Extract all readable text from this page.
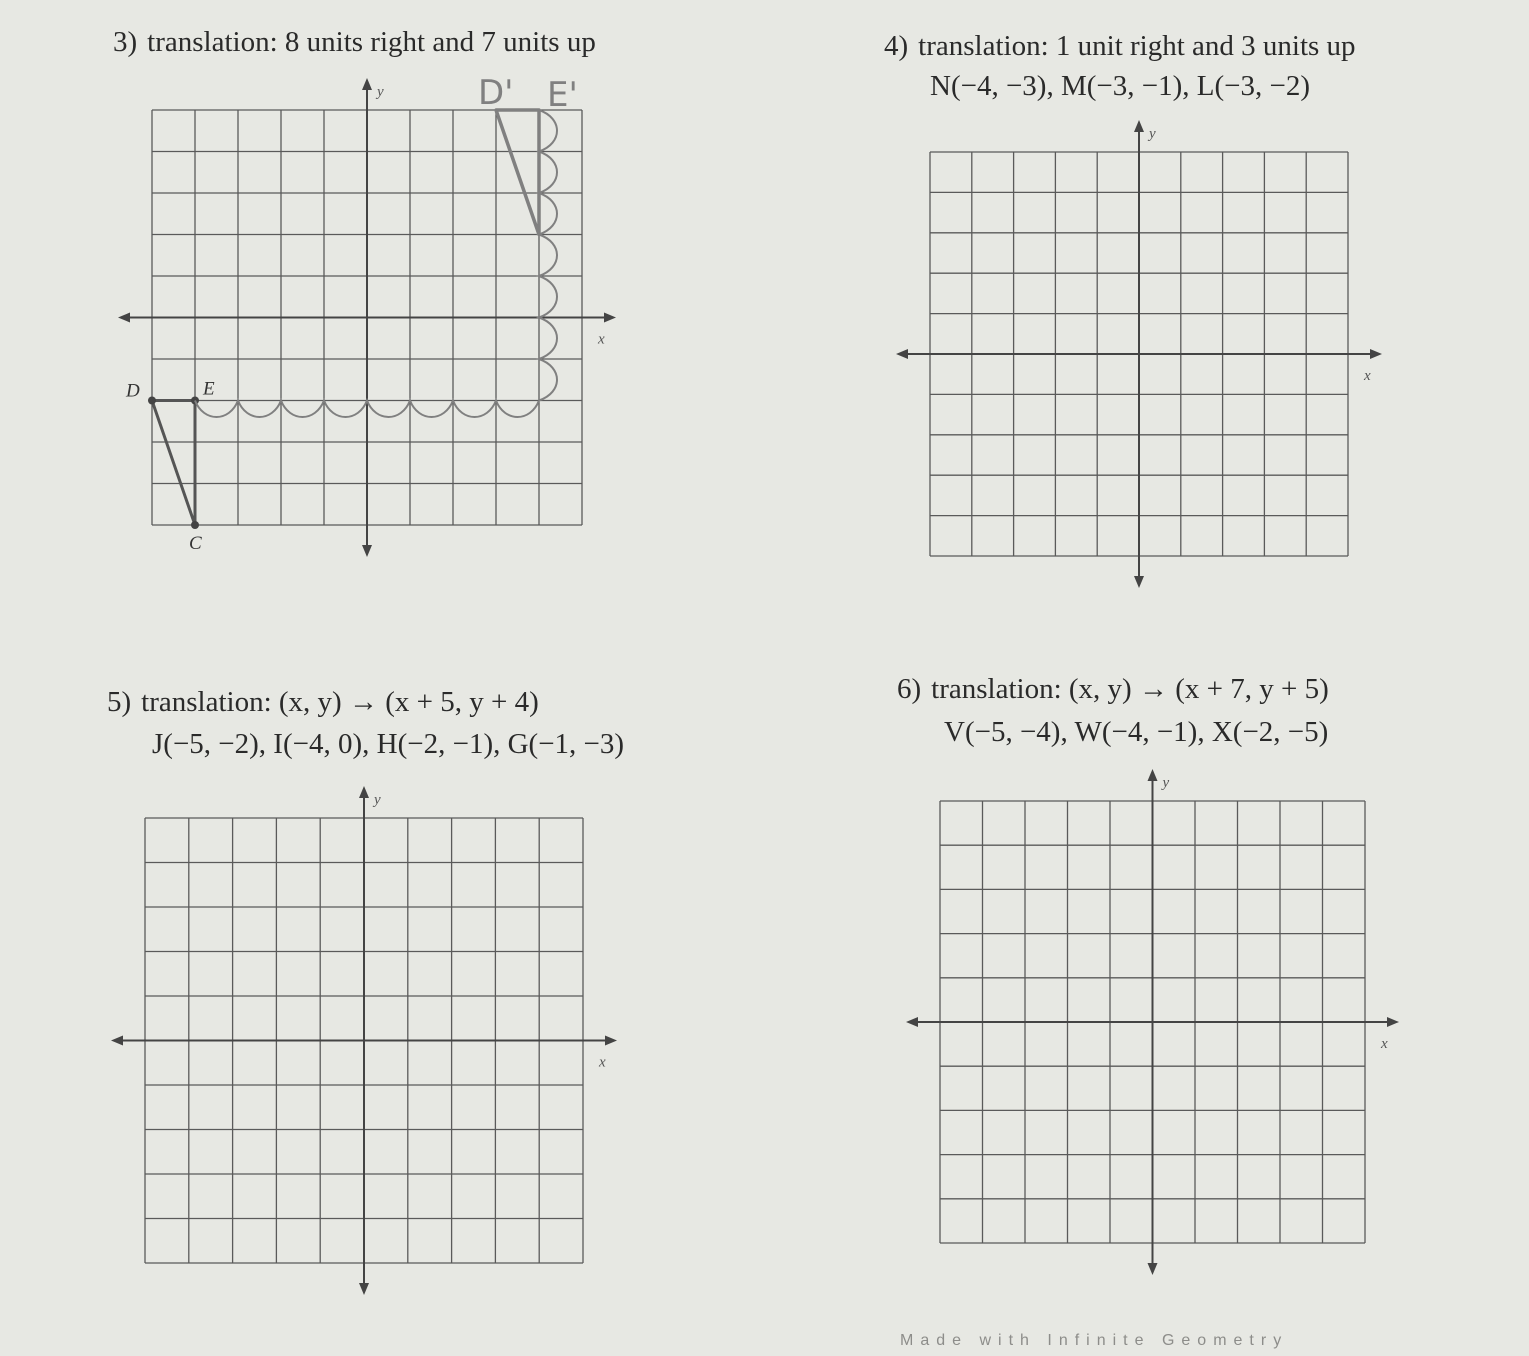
3) translation: 8 units right and 7 units up
x
y
x
y
x
y
x
y
D	E
C
D' E'
4) translation: 1 unit right and 3 units up
N(−4, −3), M(−3, −1), L(−3, −2)
5) translation: (x, y) → (x + 5, y + 4)
J(−5, −2), I(−4, 0), H(−2, −1), G(−1, −3)
6) translation: (x, y) → (x + 7, y + 5)
V(−5, −4), W(−4, −1), X(−2, −5)
Made with Infinite Geometry
